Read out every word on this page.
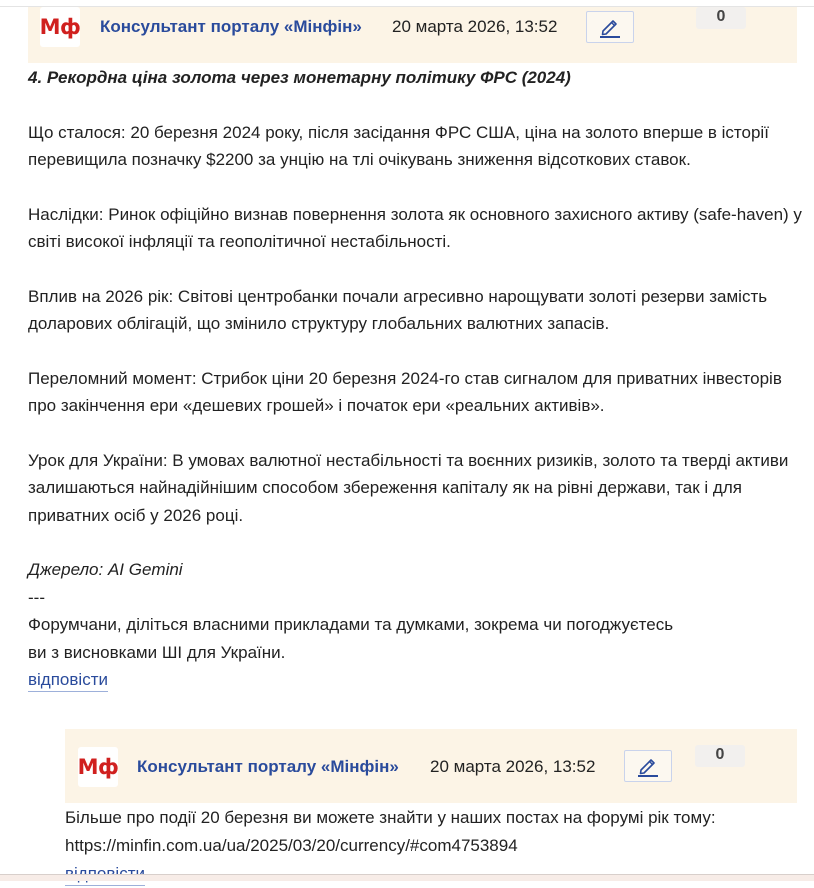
Мф Консультант порталу «Мінфін» 20 марта 2026, 13:52
0

4. Рекордна ціна золота через монетарну політику ФРС (2024)

Що сталося: 20 березня 2024 року, після засідання ФРС США, ціна на золото вперше в історії перевищила позначку $2200 за унцію на тлі очікувань зниження відсоткових ставок.

Наслідки: Ринок офіційно визнав повернення золота як основного захисного активу (safe-haven) у світі високої інфляції та геополітичної нестабільності.

Вплив на 2026 рік: Світові центробанки почали агресивно нарощувати золоті резерви замість доларових облігацій, що змінило структуру глобальних валютних запасів.

Переломний момент: Стрибок ціни 20 березня 2024-го став сигналом для приватних інвесторів про закінчення ери «дешевих грошей» і початок ери «реальних активів».

Урок для України: В умовах валютної нестабільності та воєнних ризиків, золото та тверді активи залишаються найнадійнішим способом збереження капіталу як на рівні держави, так і для приватних осіб у 2026 році.

Джерело: AI Gemini

---

Форумчани, діліться власними прикладами та думками, зокрема чи погоджуєтесь

ви з висновками ШІ для України.

відповісти
Мф Консультант порталу «Мінфін» 20 марта 2026, 13:52
0

Більше про події 20 березня ви можете знайти у наших постах на форумі рік тому:

https://minfin.com.ua/ua/2025/03/20/currency/#com4753894
